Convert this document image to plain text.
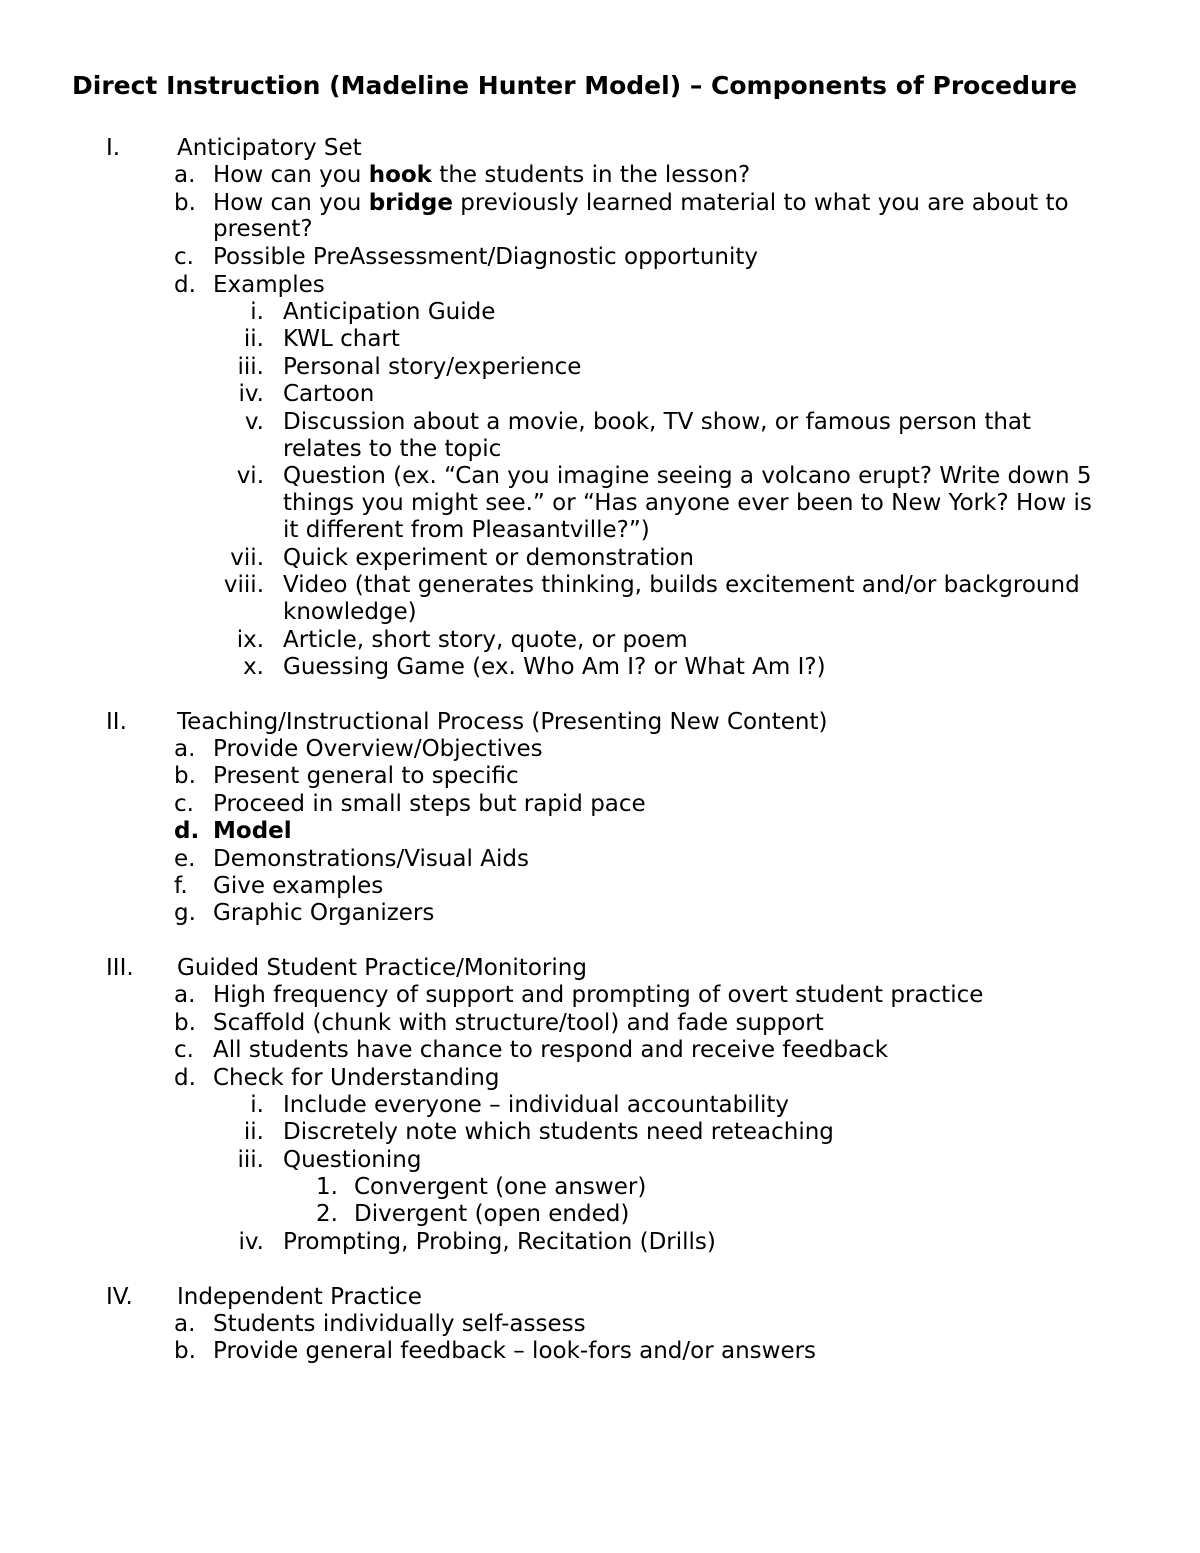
Direct Instruction (Madeline Hunter Model) – Components of Procedure
I. Anticipatory Set
a. How can you hook the students in the lesson?
b. How can you bridge previously learned material to what you are about to
present?
c. Possible PreAssessment/Diagnostic opportunity
d. Examples
i. Anticipation Guide
ii. KWL chart
iii. Personal story/experience
iv. Cartoon
v. Discussion about a movie, book, TV show, or famous person that
relates to the topic
vi. Question (ex. “Can you imagine seeing a volcano erupt? Write down 5
things you might see.” or “Has anyone ever been to New York? How is
it different from Pleasantville?”)
vii. Quick experiment or demonstration
viii. Video (that generates thinking, builds excitement and/or background
knowledge)
ix. Article, short story, quote, or poem
x. Guessing Game (ex. Who Am I? or What Am I?)
II. Teaching/Instructional Process (Presenting New Content)
a. Provide Overview/Objectives
b. Present general to specific
c. Proceed in small steps but rapid pace
d. Model
e. Demonstrations/Visual Aids
f. Give examples
g. Graphic Organizers
III. Guided Student Practice/Monitoring
a. High frequency of support and prompting of overt student practice
b. Scaffold (chunk with structure/tool) and fade support
c. All students have chance to respond and receive feedback
d. Check for Understanding
i. Include everyone – individual accountability
ii. Discretely note which students need reteaching
iii. Questioning
1. Convergent (one answer)
2. Divergent (open ended)
iv. Prompting, Probing, Recitation (Drills)
IV. Independent Practice
a. Students individually self-assess
b. Provide general feedback – look-fors and/or answers
